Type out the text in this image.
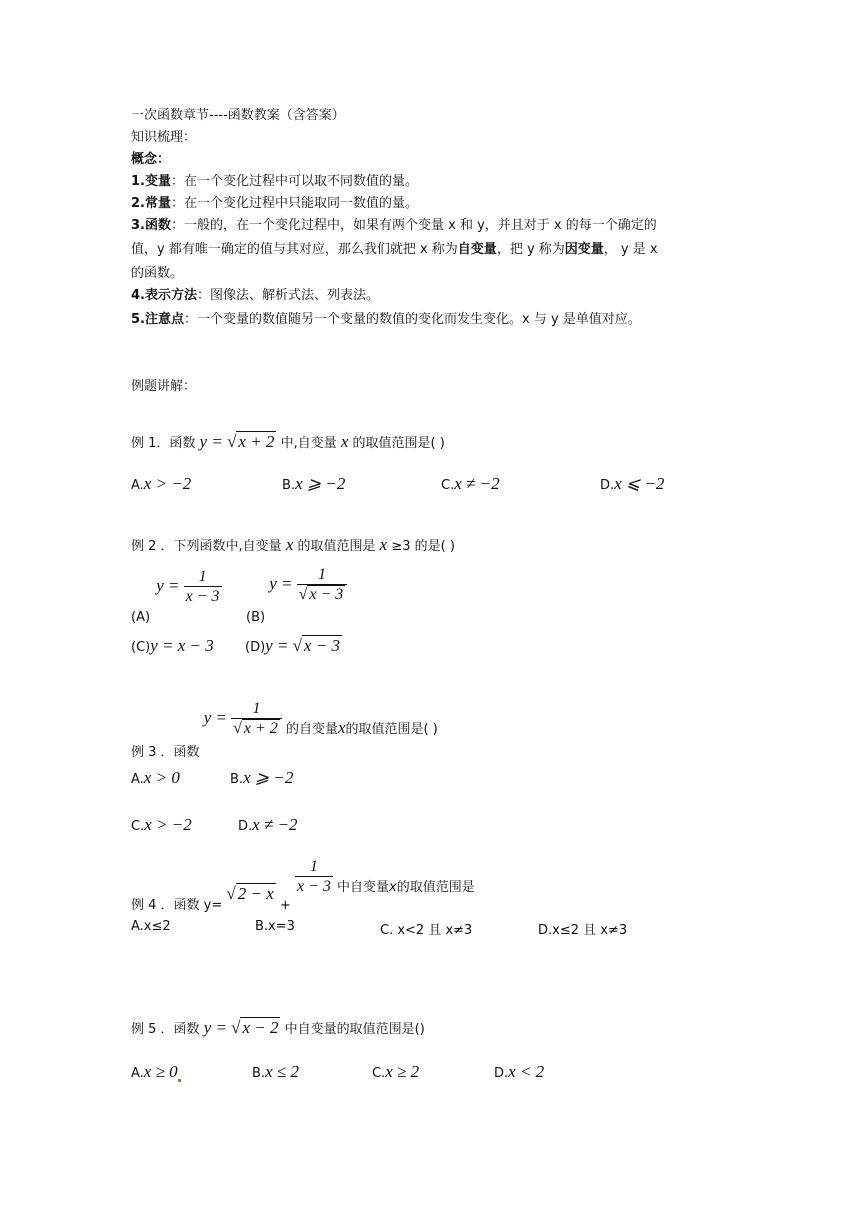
一次函数章节----函数教案（含答案）
知识梳理：
概念：
1.变量：在一个变化过程中可以取不同数值的量。
2.常量：在一个变化过程中只能取同一数值的量。
3.函数：一般的，在一个变化过程中，如果有两个变量 x 和 y，并且对于 x 的每一个确定的
值，y 都有唯一确定的值与其对应，那么我们就把 x 称为自变量，把 y 称为因变量， y 是 x
的函数。
4.表示方法：图像法、解析式法、列表法。
5.注意点：一个变量的数值随另一个变量的数值的变化而发生变化。x 与 y 是单值对应。
例题讲解：
例 1．函数 y = √ x + 2 中,自变量 x 的取值范围是( )
A.x > −2	B.x ⩾ −2	C.x ≠ −2	D.x ⩽ −2
例 2 ．下列函数中,自变量 x 的取值范围是 x ≥3 的是( )
(A) $y = \frac{1}{x - 3}$
(B) $y = \frac{1}{√ x - 3}$
(C)y = x − 3 (D)y = √ x − 3
例 3 ．函数 $y = \frac{1}{√ x + 2}$ 的自变量x的取值范围是( )
A.x > 0	B.x ⩾ −2
C.x > −2	D.x ≠ −2
例 4 ．函数 y= √ 2 − x +
$\frac{1}{x - 3}$ 中自变量x的取值范围是
A.x≤2	B.x=3	C. x<2 且 x≠3	D.x≤2 且 x≠3
例 5 ．函数 y = √ x − 2 中自变量的取值范围是()
A.x ≥ 0	B.x ≤ 2	C.x ≥ 2	D.x < 2
